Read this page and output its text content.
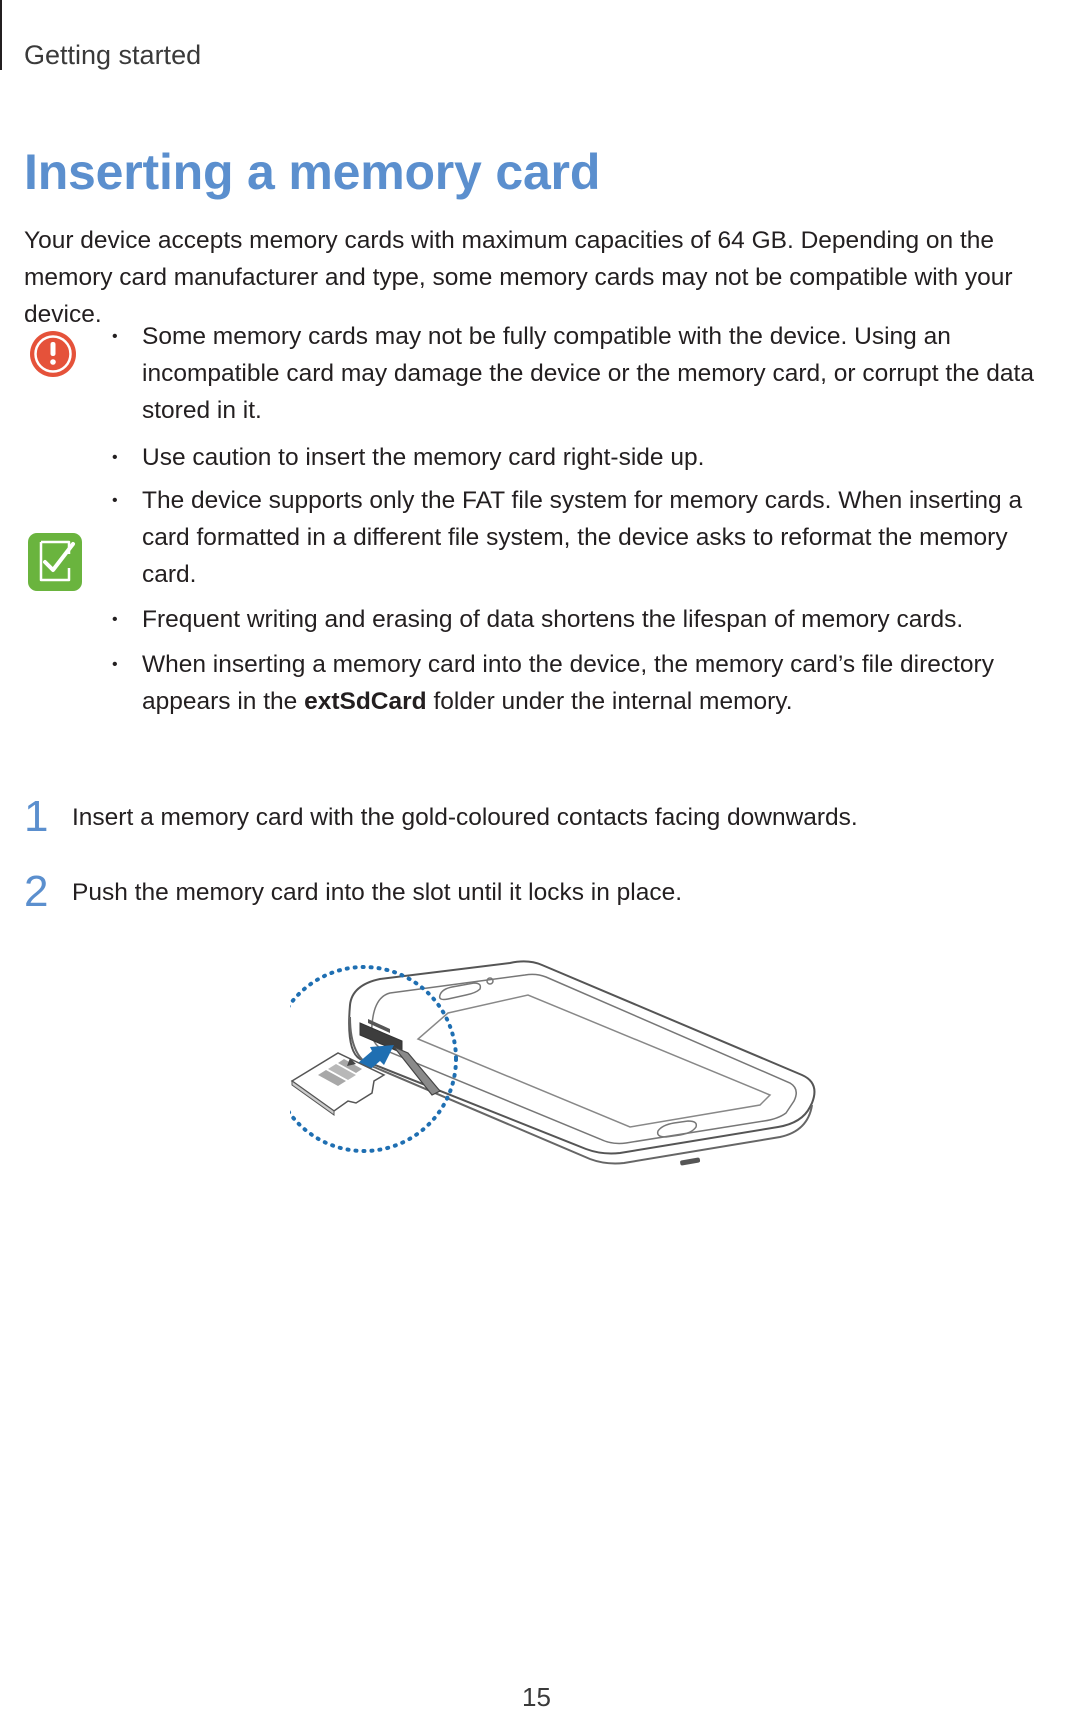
Getting started
Inserting a memory card
Your device accepts memory cards with maximum capacities of 64 GB. Depending on the
memory card manufacturer and type, some memory cards may not be compatible with your
device.
• Some memory cards may not be fully compatible with the device. Using an
incompatible card may damage the device or the memory card, or corrupt the data
stored in it.
• Use caution to insert the memory card right-side up.
• The device supports only the FAT file system for memory cards. When inserting a
card formatted in a different file system, the device asks to reformat the memory
card.
• Frequent writing and erasing of data shortens the lifespan of memory cards.
• When inserting a memory card into the device, the memory card’s file directory
appears in the extSdCard folder under the internal memory.
1 Insert a memory card with the gold-coloured contacts facing downwards.
2 Push the memory card into the slot until it locks in place.
15
